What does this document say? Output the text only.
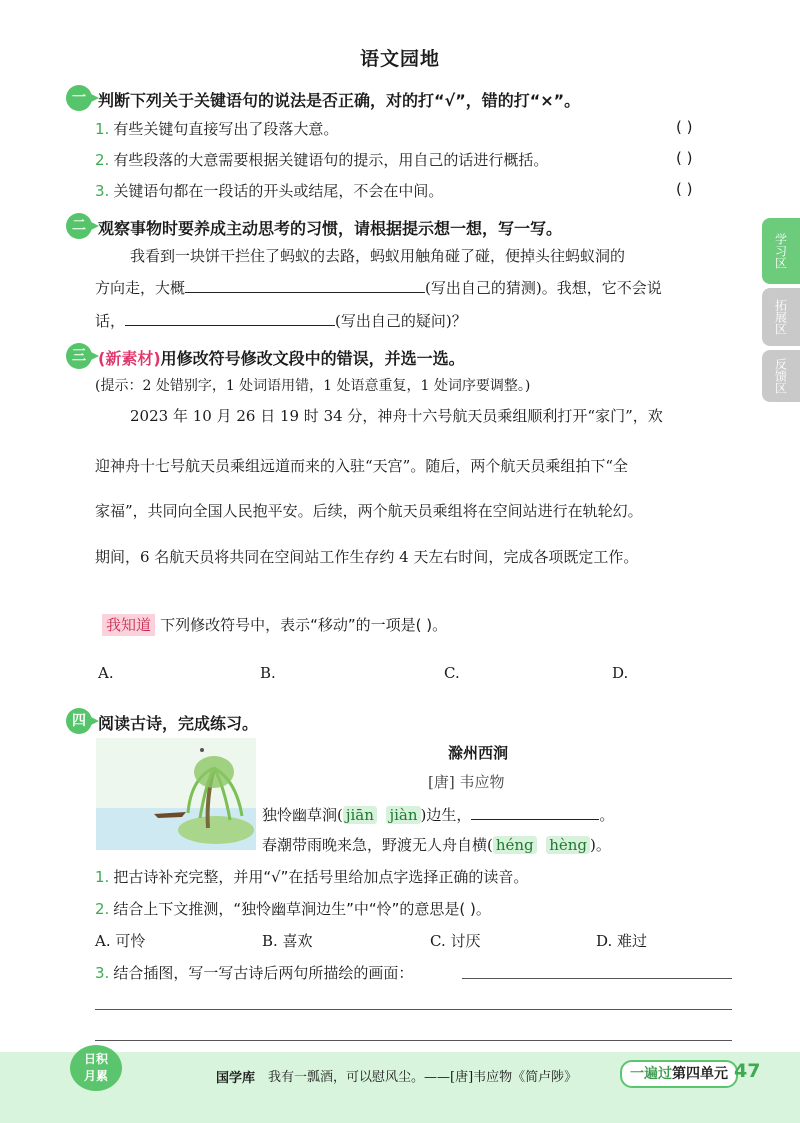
语文园地
学习区
拓展区
反馈区
一 判断下列关于关键语句的说法是否正确，对的打“√”，错的打“×”。
1. 有些关键句直接写出了段落大意。	( )
2. 有些段落的大意需要根据关键语句的提示，用自己的话进行概括。	( )
3. 关键语句都在一段话的开头或结尾，不会在中间。	( )
二 观察事物时要养成主动思考的习惯，请根据提示想一想，写一写。
我看到一块饼干拦住了蚂蚁的去路，蚂蚁用触角碰了碰，便掉头往蚂蚁洞的
方向走，大概	(写出自己的猜测)。我想，它不会说
话，	(写出自己的疑问)？
三 (新素材)用修改符号修改文段中的错误，并选一选。
(提示：2 处错别字，1 处词语用错，1 处语意重复，1 处词序要调整。)
2023 年 10 月 26 日 19 时 34 分，神舟十六号航天员乘组顺利打开“家门”，欢
迎神舟十七号航天员乘组远道而来的入驻“天宫”。随后，两个航天员乘组拍下“全
家福”，共同向全国人民抱平安。后续，两个航天员乘组将在空间站进行在轨轮幻。
期间，6 名航天员将共同在空间站工作生存约 4 天左右时间，完成各项既定工作。
我知道 下列修改符号中，表示“移动”的一项是( )。
A.	B.	C.	D.
四 阅读古诗，完成练习。
滁州西涧
[唐] 韦应物
独怜幽草涧( jiān jiàn )边生，	。
春潮带雨晚来急，野渡无人舟自横( héng hèng )。
1. 把古诗补充完整，并用“√”在括号里给加点字选择正确的读音。
2. 结合上下文推测，“独怜幽草涧边生”中“怜”的意思是( )。
A. 可怜	B. 喜欢	C. 讨厌	D. 难过
3. 结合插图，写一写古诗后两句所描绘的画面：
日积
月累	国学库 我有一瓢酒，可以慰风尘。——[唐]韦应物《简卢陟》	一遍过第四单元 47
